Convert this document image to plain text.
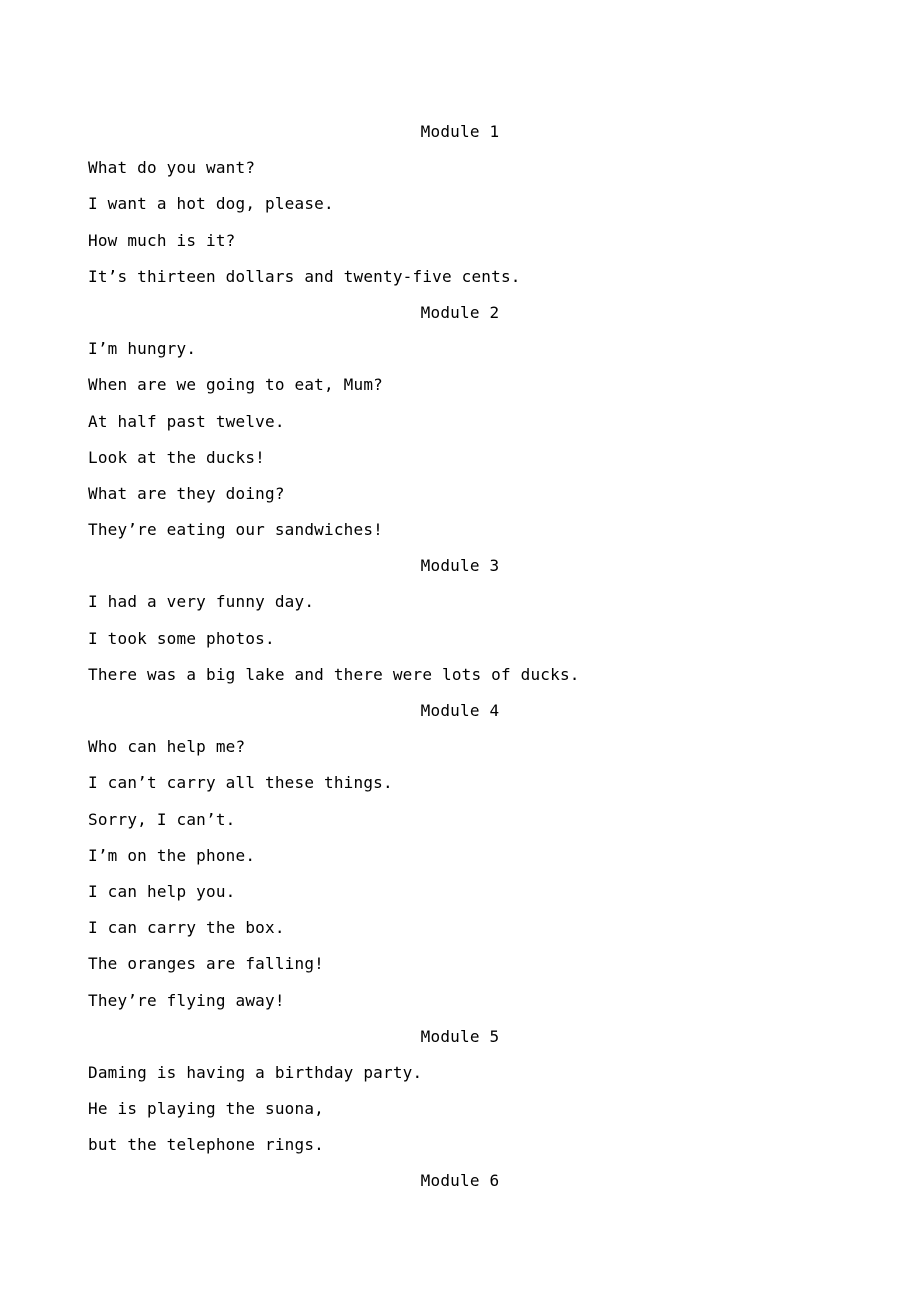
Module 1
What do you want?
I want a hot dog, please.
How much is it?
It’s thirteen dollars and twenty-five cents.
Module 2
I’m hungry.
When are we going to eat, Mum?
At half past twelve.
Look at the ducks!
What are they doing?
They’re eating our sandwiches!
Module 3
I had a very funny day.
I took some photos.
There was a big lake and there were lots of ducks.
Module 4
Who can help me?
I can’t carry all these things.
Sorry, I can’t.
I’m on the phone.
I can help you.
I can carry the box.
The oranges are falling!
They’re flying away!
Module 5
Daming is having a birthday party.
He is playing the suona,
but the telephone rings.
Module 6
